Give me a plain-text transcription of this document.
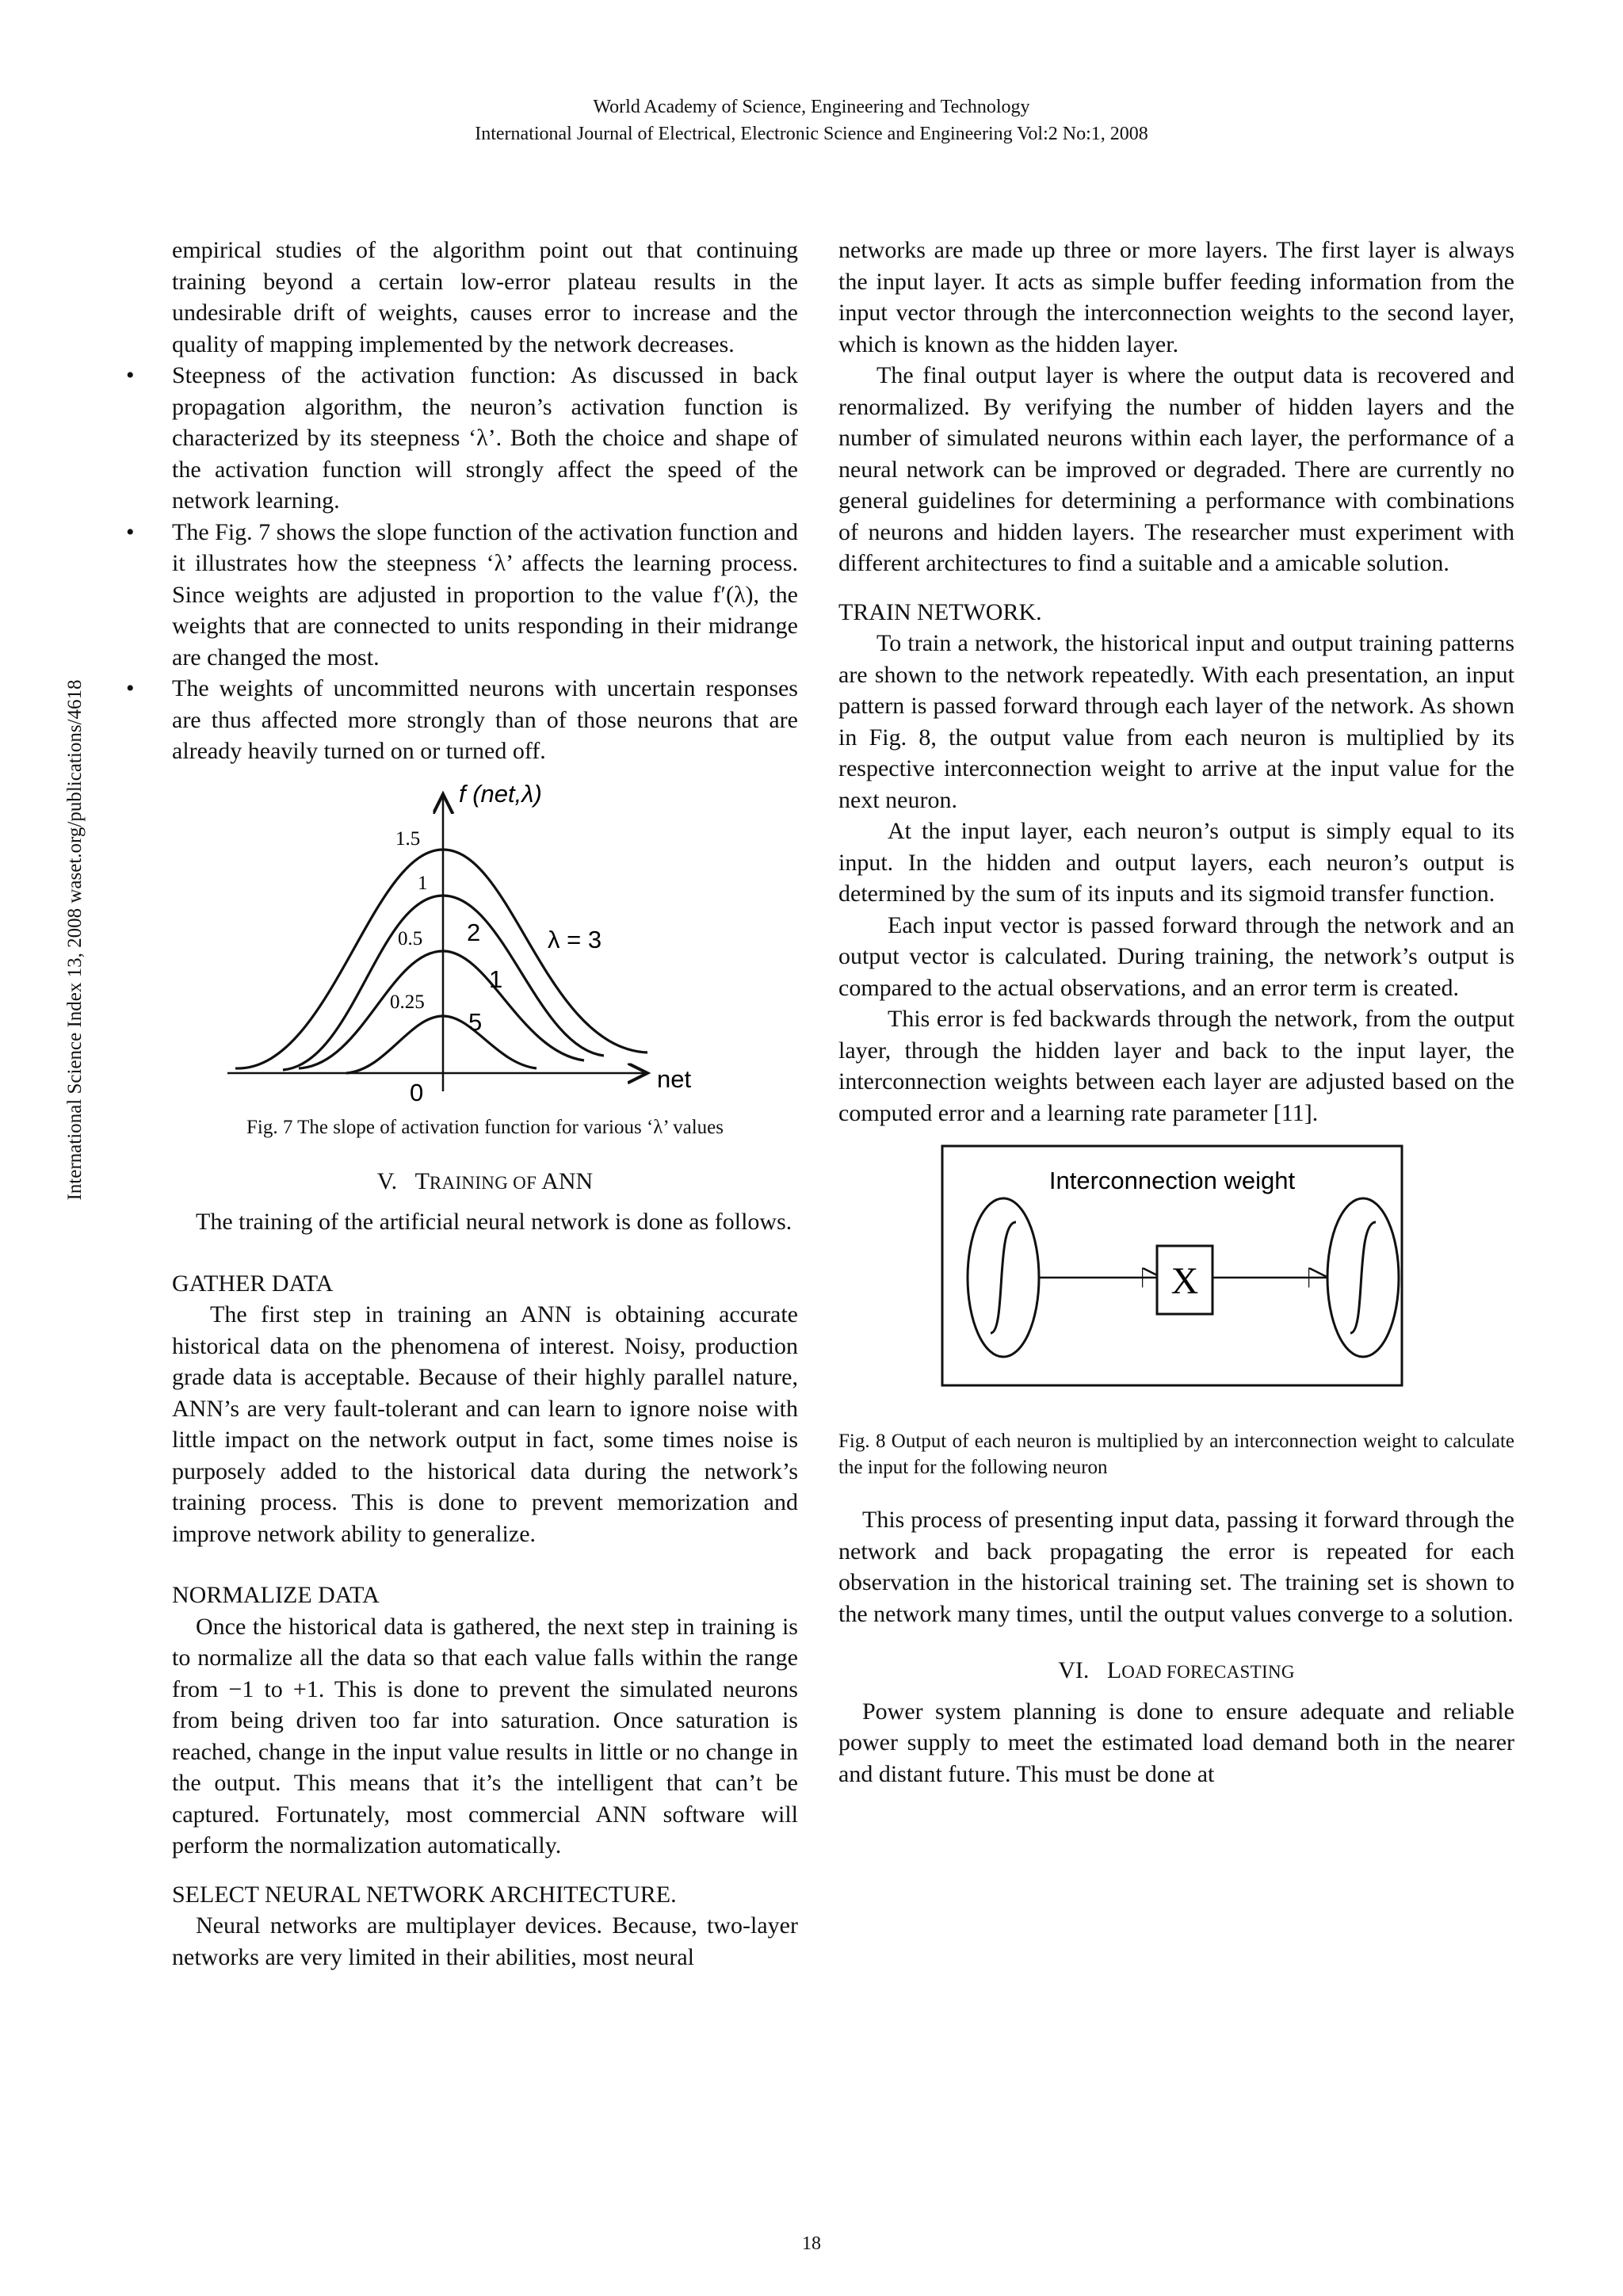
World Academy of Science, Engineering and Technology
International Journal of Electrical, Electronic Science and Engineering Vol:2 No:1, 2008
International Science Index 13, 2008 waset.org/publications/4618

empirical studies of the algorithm point out that continuing training beyond a certain low-error plateau results in the undesirable drift of weights, causes error to increase and the quality of mapping implemented by the network decreases.

• Steepness of the activation function: As discussed in back propagation algorithm, the neuron’s activation function is characterized by its steepness ‘λ’. Both the choice and shape of the activation function will strongly affect the speed of the network learning.
• The Fig. 7 shows the slope function of the activation function and it illustrates how the steepness ‘λ’ affects the learning process. Since weights are adjusted in proportion to the value f′(λ), the weights that are connected to units responding in their midrange are changed the most.
• The weights of uncommitted neurons with uncertain responses are thus affected more strongly than of those neurons that are already heavily turned on or turned off.
f (net,λ)
net
0
1.5
1
0.5
0.25
λ = 3
2
1
5

Fig. 7 The slope of activation function for various ‘λ’ values

V. TRAINING OF ANN

The training of the artificial neural network is done as follows.

GATHER DATA

The first step in training an ANN is obtaining accurate historical data on the phenomena of interest. Noisy, production grade data is acceptable. Because of their highly parallel nature, ANN’s are very fault-tolerant and can learn to ignore noise with little impact on the network output in fact, some times noise is purposely added to the historical data during the network’s training process. This is done to prevent memorization and improve network ability to generalize.

NORMALIZE DATA

Once the historical data is gathered, the next step in training is to normalize all the data so that each value falls within the range from −1 to +1. This is done to prevent the simulated neurons from being driven too far into saturation. Once saturation is reached, change in the input value results in little or no change in the output. This means that it’s the intelligent that can’t be captured. Fortunately, most commercial ANN software will perform the normalization automatically.

SELECT NEURAL NETWORK ARCHITECTURE.

Neural networks are multiplayer devices. Because, two-layer networks are very limited in their abilities, most neural

networks are made up three or more layers. The first layer is always the input layer. It acts as simple buffer feeding information from the input vector through the interconnection weights to the second layer, which is known as the hidden layer.

The final output layer is where the output data is recovered and renormalized. By verifying the number of hidden layers and the number of simulated neurons within each layer, the performance of a neural network can be improved or degraded. There are currently no general guidelines for determining a performance with combinations of neurons and hidden layers. The researcher must experiment with different architectures to find a suitable and a amicable solution.

TRAIN NETWORK.

To train a network, the historical input and output training patterns are shown to the network repeatedly. With each presentation, an input pattern is passed forward through each layer of the network. As shown in Fig. 8, the output value from each neuron is multiplied by its respective interconnection weight to arrive at the input value for the next neuron.

At the input layer, each neuron’s output is simply equal to its input. In the hidden and output layers, each neuron’s output is determined by the sum of its inputs and its sigmoid transfer function.

Each input vector is passed forward through the network and an output vector is calculated. During training, the network’s output is compared to the actual observations, and an error term is created.

This error is fed backwards through the network, from the output layer, through the hidden layer and back to the input layer, the interconnection weights between each layer are adjusted based on the computed error and a learning rate parameter [11].

Interconnection weight
X

Fig. 8 Output of each neuron is multiplied by an interconnection weight to calculate the input for the following neuron

This process of presenting input data, passing it forward through the network and back propagating the error is repeated for each observation in the historical training set. The training set is shown to the network many times, until the output values converge to a solution.

VI. LOAD FORECASTING

Power system planning is done to ensure adequate and reliable power supply to meet the estimated load demand both in the nearer and distant future. This must be done at

18
